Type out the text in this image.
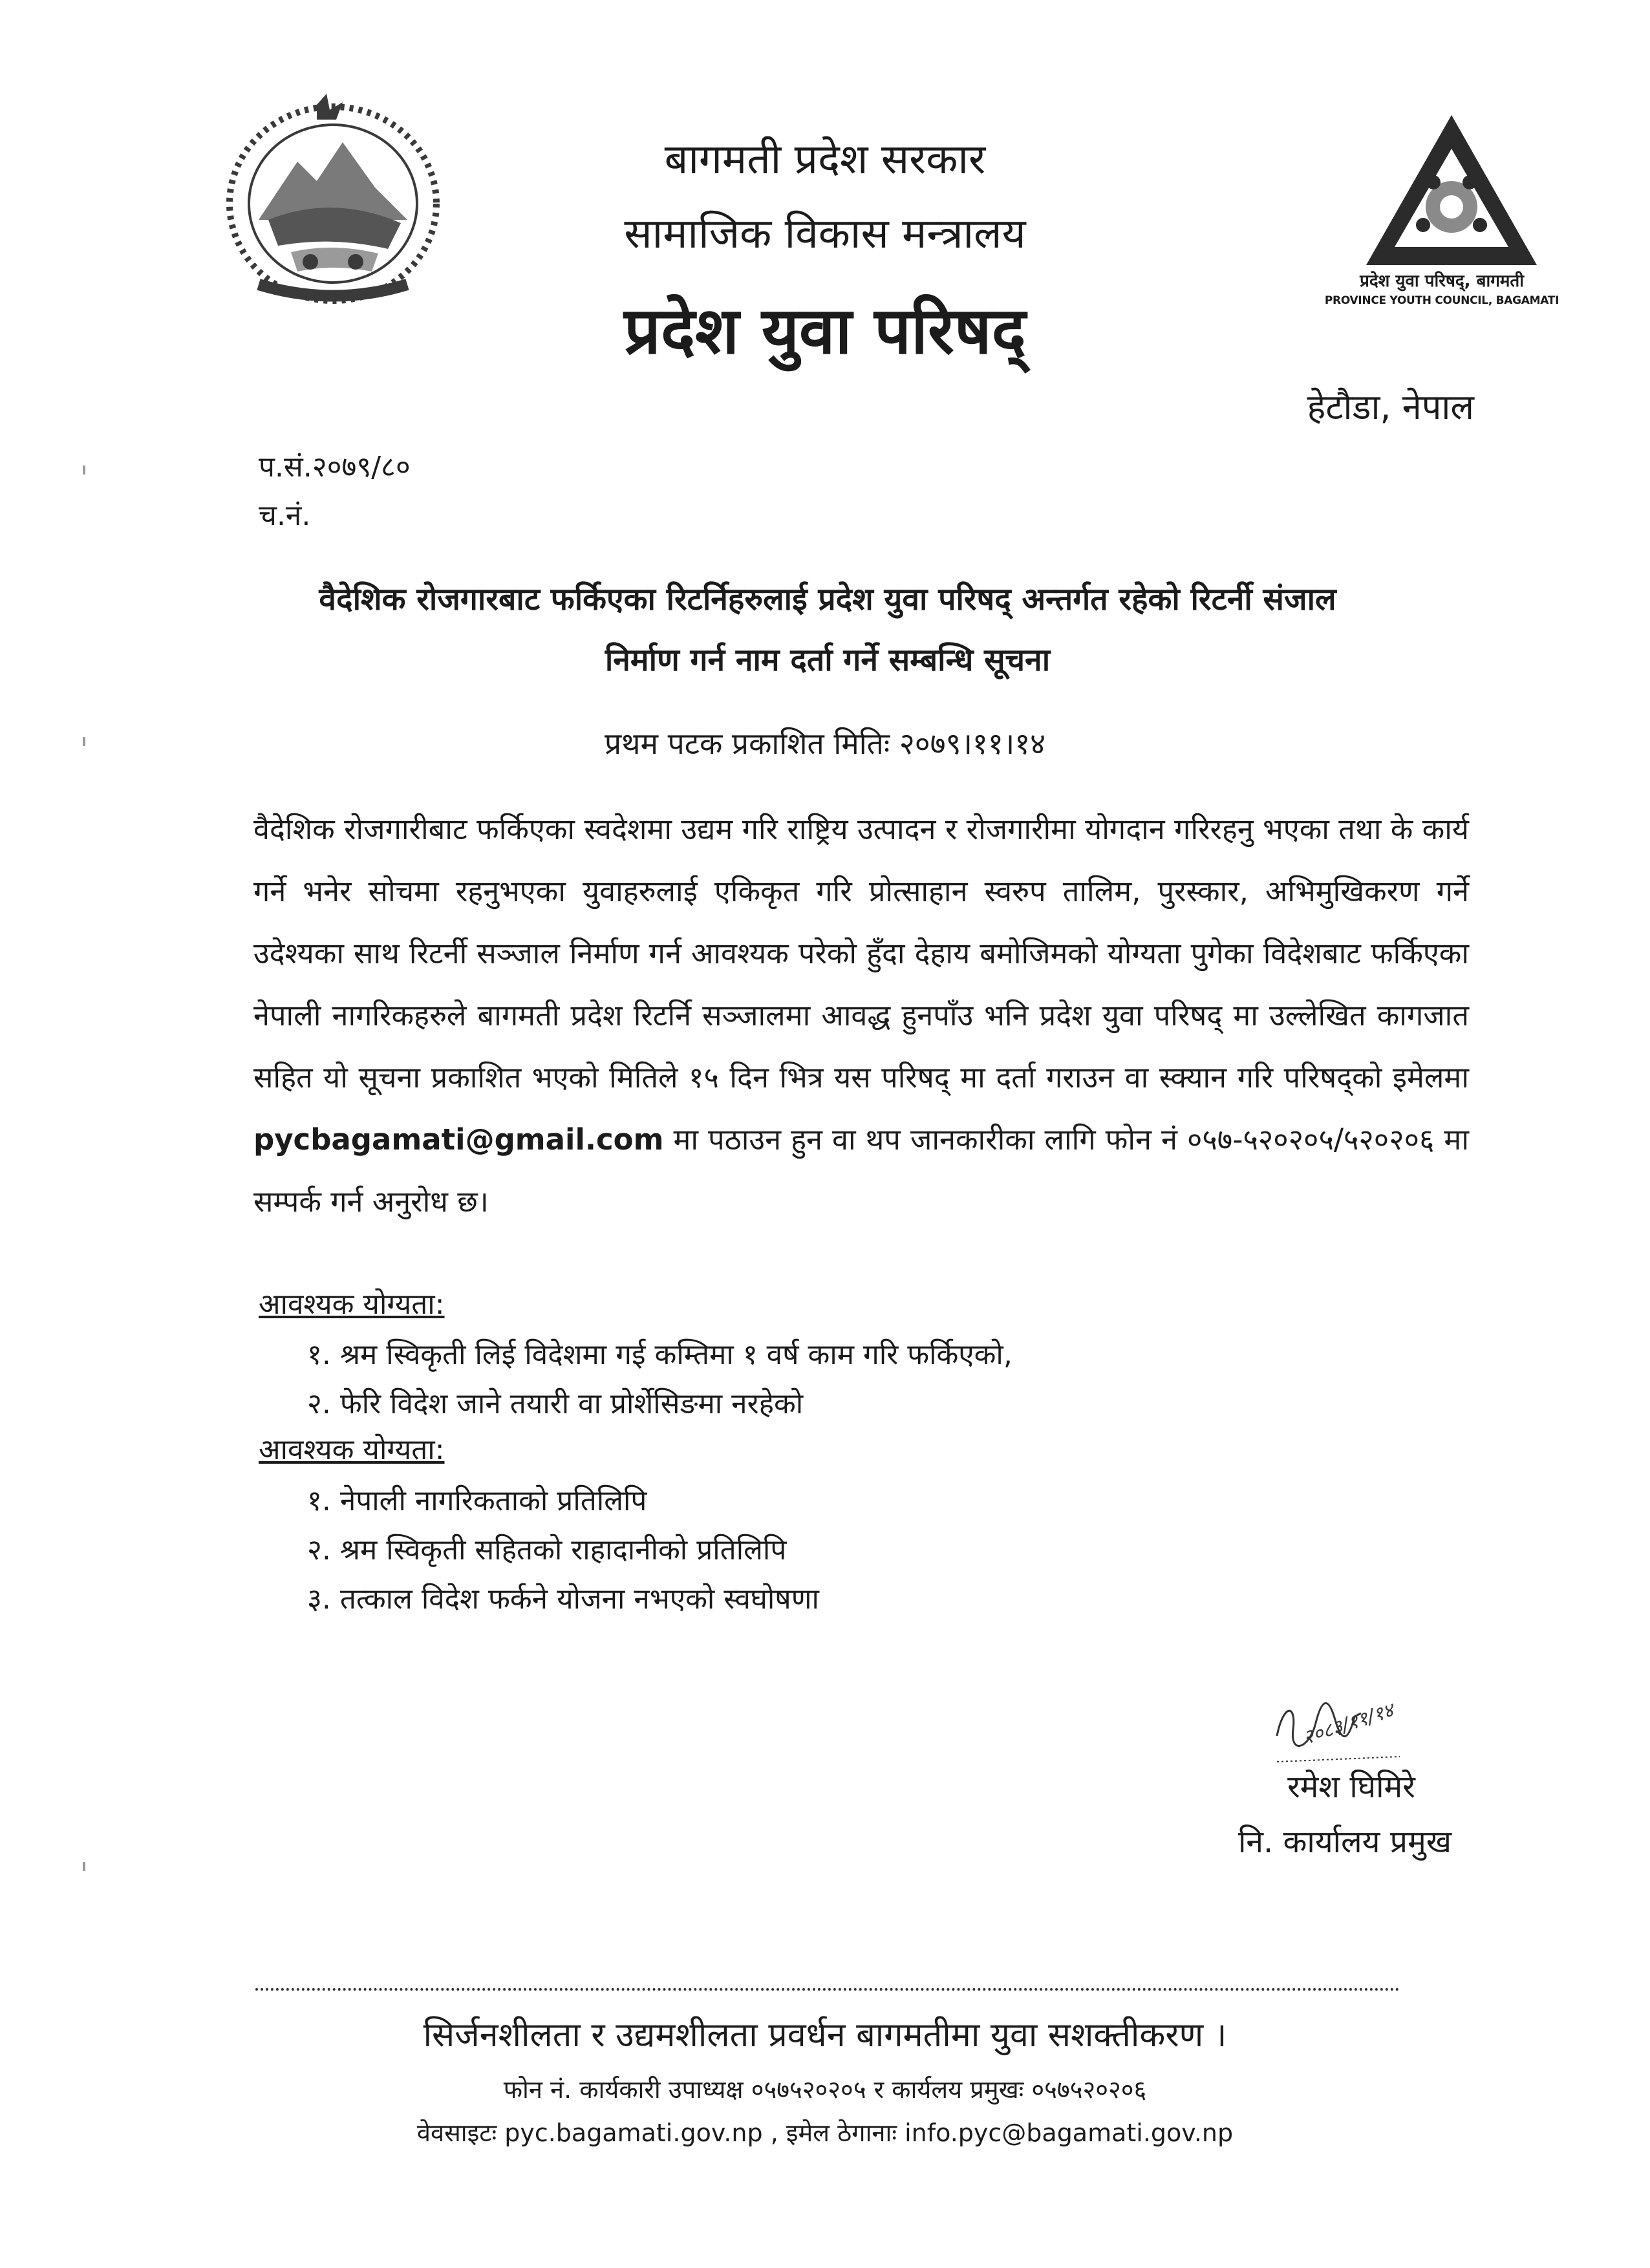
बागमती प्रदेश सरकार
सामाजिक विकास मन्त्रालय
प्रदेश युवा परिषद्
प्रदेश युवा परिषद्, बागमती
PROVINCE YOUTH COUNCIL, BAGAMATI
हेटौडा, नेपाल
प.सं.२०७९/८०
च.नं.
वैदेशिक रोजगारबाट फर्किएका रिटर्निहरुलाई प्रदेश युवा परिषद् अन्तर्गत रहेको रिटर्नी संजाल
निर्माण गर्न नाम दर्ता गर्ने सम्बन्धि सूचना
प्रथम पटक प्रकाशित मितिः २०७९।११।१४
वैदेशिक रोजगारीबाट फर्किएका स्वदेशमा उद्यम गरि राष्ट्रिय उत्पादन र रोजगारीमा योगदान गरिरहनु भएका तथा के कार्य गर्ने भनेर सोचमा रहनुभएका युवाहरुलाई एकिकृत गरि प्रोत्साहान स्वरुप तालिम, पुरस्कार, अभिमुखिकरण गर्ने उदेश्यका साथ रिटर्नी सञ्जाल निर्माण गर्न आवश्यक परेको हुँदा देहाय बमोजिमको योग्यता पुगेका विदेशबाट फर्किएका नेपाली नागरिकहरुले बागमती प्रदेश रिटर्नि सञ्जालमा आवद्ध हुनपाँउ भनि प्रदेश युवा परिषद् मा उल्लेखित कागजात सहित यो सूचना प्रकाशित भएको मितिले १५ दिन भित्र यस परिषद् मा दर्ता गराउन वा स्क्यान गरि परिषद्को इमेलमा pycbagamati@gmail.com मा पठाउन हुन वा थप जानकारीका लागि फोन नं ०५७-५२०२०५/५२०२०६ मा सम्पर्क गर्न अनुरोध छ।
आवश्यक योग्यता:
१. श्रम स्विकृती लिई विदेशमा गई कम्तिमा १ वर्ष काम गरि फर्किएको,
२. फेरि विदेश जाने तयारी वा प्रोर्शेसिङमा नरहेको
आवश्यक योग्यता:
१. नेपाली नागरिकताको प्रतिलिपि
२. श्रम स्विकृती सहितको राहादानीको प्रतिलिपि
३. तत्काल विदेश फर्कने योजना नभएको स्वघोषणा
२०८३/११/१४
रमेश घिमिरे
नि. कार्यालय प्रमुख
सिर्जनशीलता र उद्यमशीलता प्रवर्धन बागमतीमा युवा सशक्तीकरण ।
फोन नं. कार्यकारी उपाध्यक्ष ०५७५२०२०५ र कार्यलय प्रमुखः ०५७५२०२०६
वेवसाइटः pyc.bagamati.gov.np , इमेल ठेगानाः info.pyc@bagamati.gov.np
